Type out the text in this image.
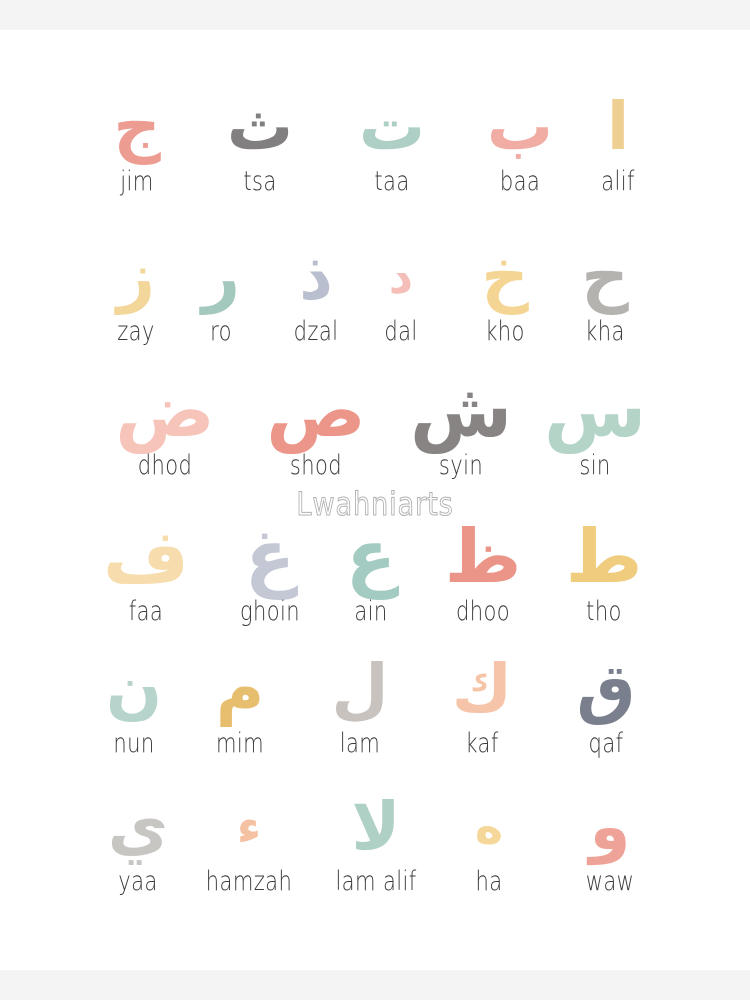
ج
jim
ث
tsa
ت
taa
ب
baa
ا
alif
ز
zay
ر
ro
ذ
dzal
د
dal
خ
kho
ح
kha
ض
dhod
ص
shod
ش
syin
س
sin
ف
faa
غ
ghoin
ع
ain
ظ
dhoo
ط
tho
ن
nun
م
mim
ل
lam
ك
kaf
ق
qaf
ي
yaa
ء
hamzah
لا
lam alif
ه
ha
و
waw
Lwahniarts
